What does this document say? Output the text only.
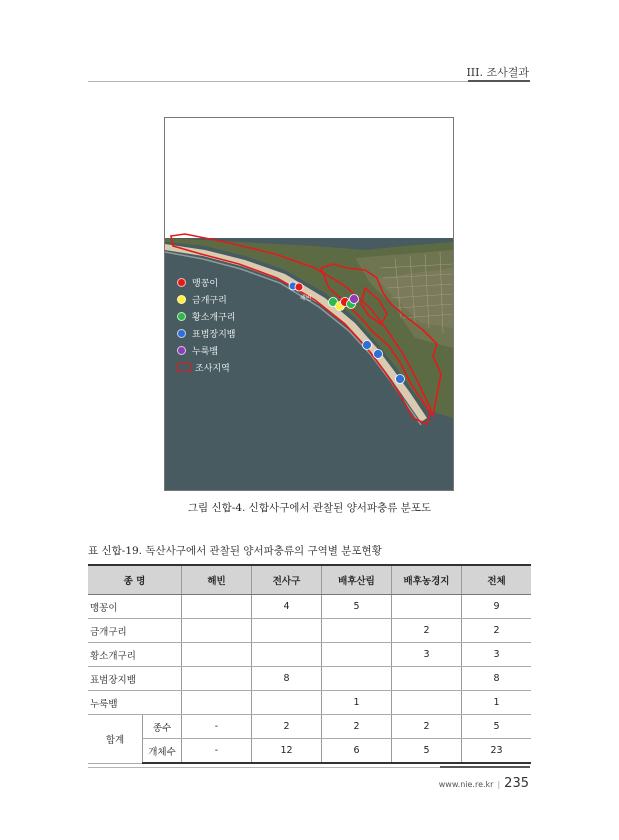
III. 조사결과
해빈
맹꽁이
금개구리
황소개구리
표범장지뱀
누룩뱀
조사지역
그림 신합-4. 신합사구에서 관찰된 양서파충류 분포도
표 신합-19. 독산사구에서 관찰된 양서파충류의 구역별 분포현황
종 명		해빈	전사구	배후산림	배후농경지	전체
맹꽁이			4	5		9
금개구리					2	2
황소개구리					3	3
표범장지뱀			8			8
누룩뱀				1		1
합계	종수	-	2	2	2	5
	개체수	-	12	6	5	23
www.nie.re.kr | 235
